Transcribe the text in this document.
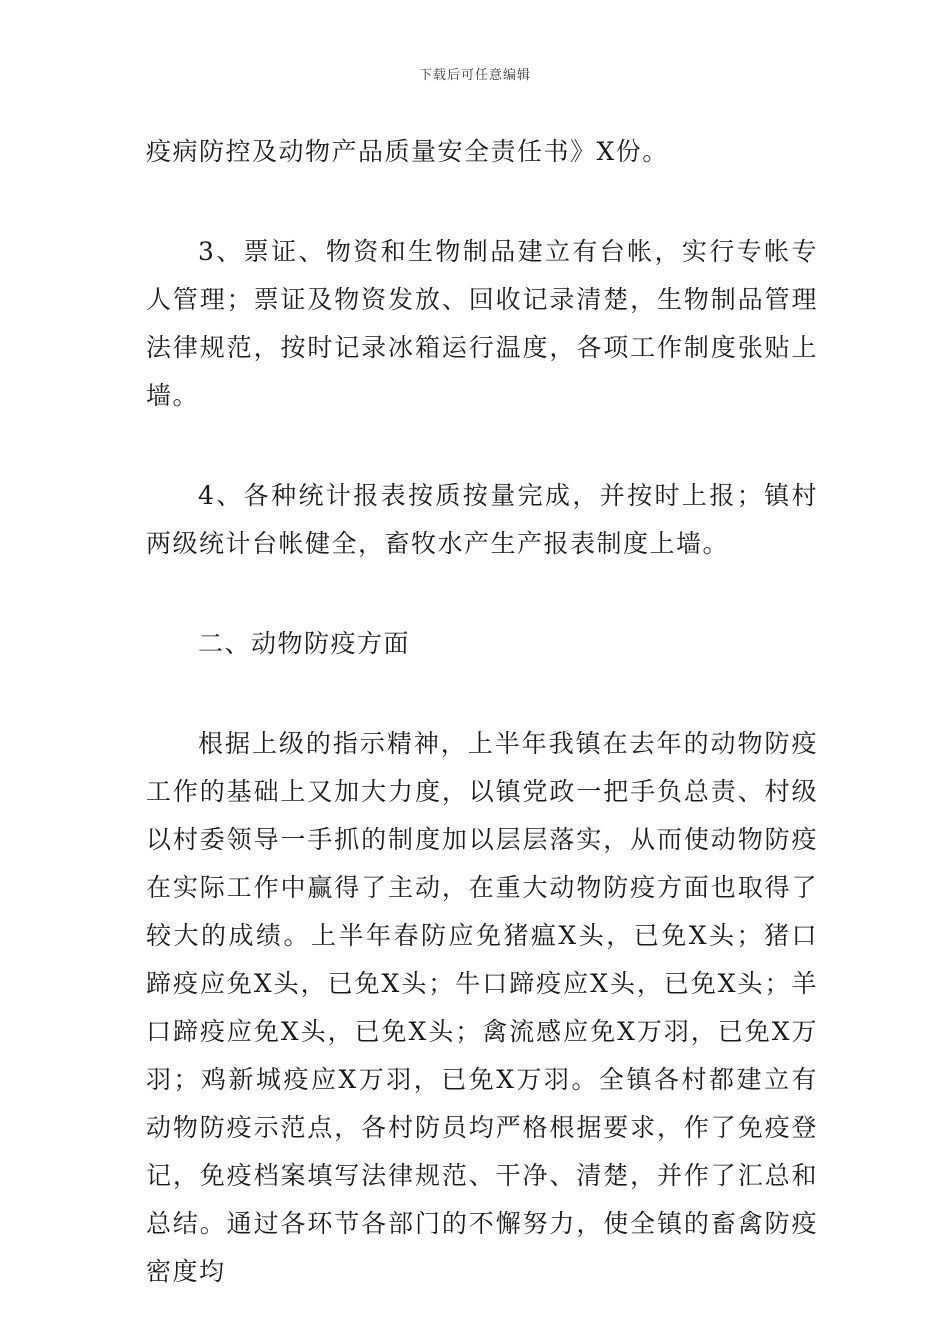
下载后可任意编辑

疫病防控及动物产品质量安全责任书》X份。

3、票证、物资和生物制品建立有台帐，实行专帐专人管理；票证及物资发放、回收记录清楚，生物制品管理法律规范，按时记录冰箱运行温度，各项工作制度张贴上墙。

4、各种统计报表按质按量完成，并按时上报；镇村两级统计台帐健全，畜牧水产生产报表制度上墙。

二、动物防疫方面

根据上级的指示精神，上半年我镇在去年的动物防疫工作的基础上又加大力度，以镇党政一把手负总责、村级以村委领导一手抓的制度加以层层落实，从而使动物防疫在实际工作中赢得了主动，在重大动物防疫方面也取得了较大的成绩。上半年春防应免猪瘟X头，已免X头；猪口蹄疫应免X头，已免X头；牛口蹄疫应X头，已免X头；羊口蹄疫应免X头，已免X头；禽流感应免X万羽，已免X万羽；鸡新城疫应X万羽，已免X万羽。全镇各村都建立有动物防疫示范点，各村防员均严格根据要求，作了免疫登记，免疫档案填写法律规范、干净、清楚，并作了汇总和总结。通过各环节各部门的不懈努力，使全镇的畜禽防疫密度均
